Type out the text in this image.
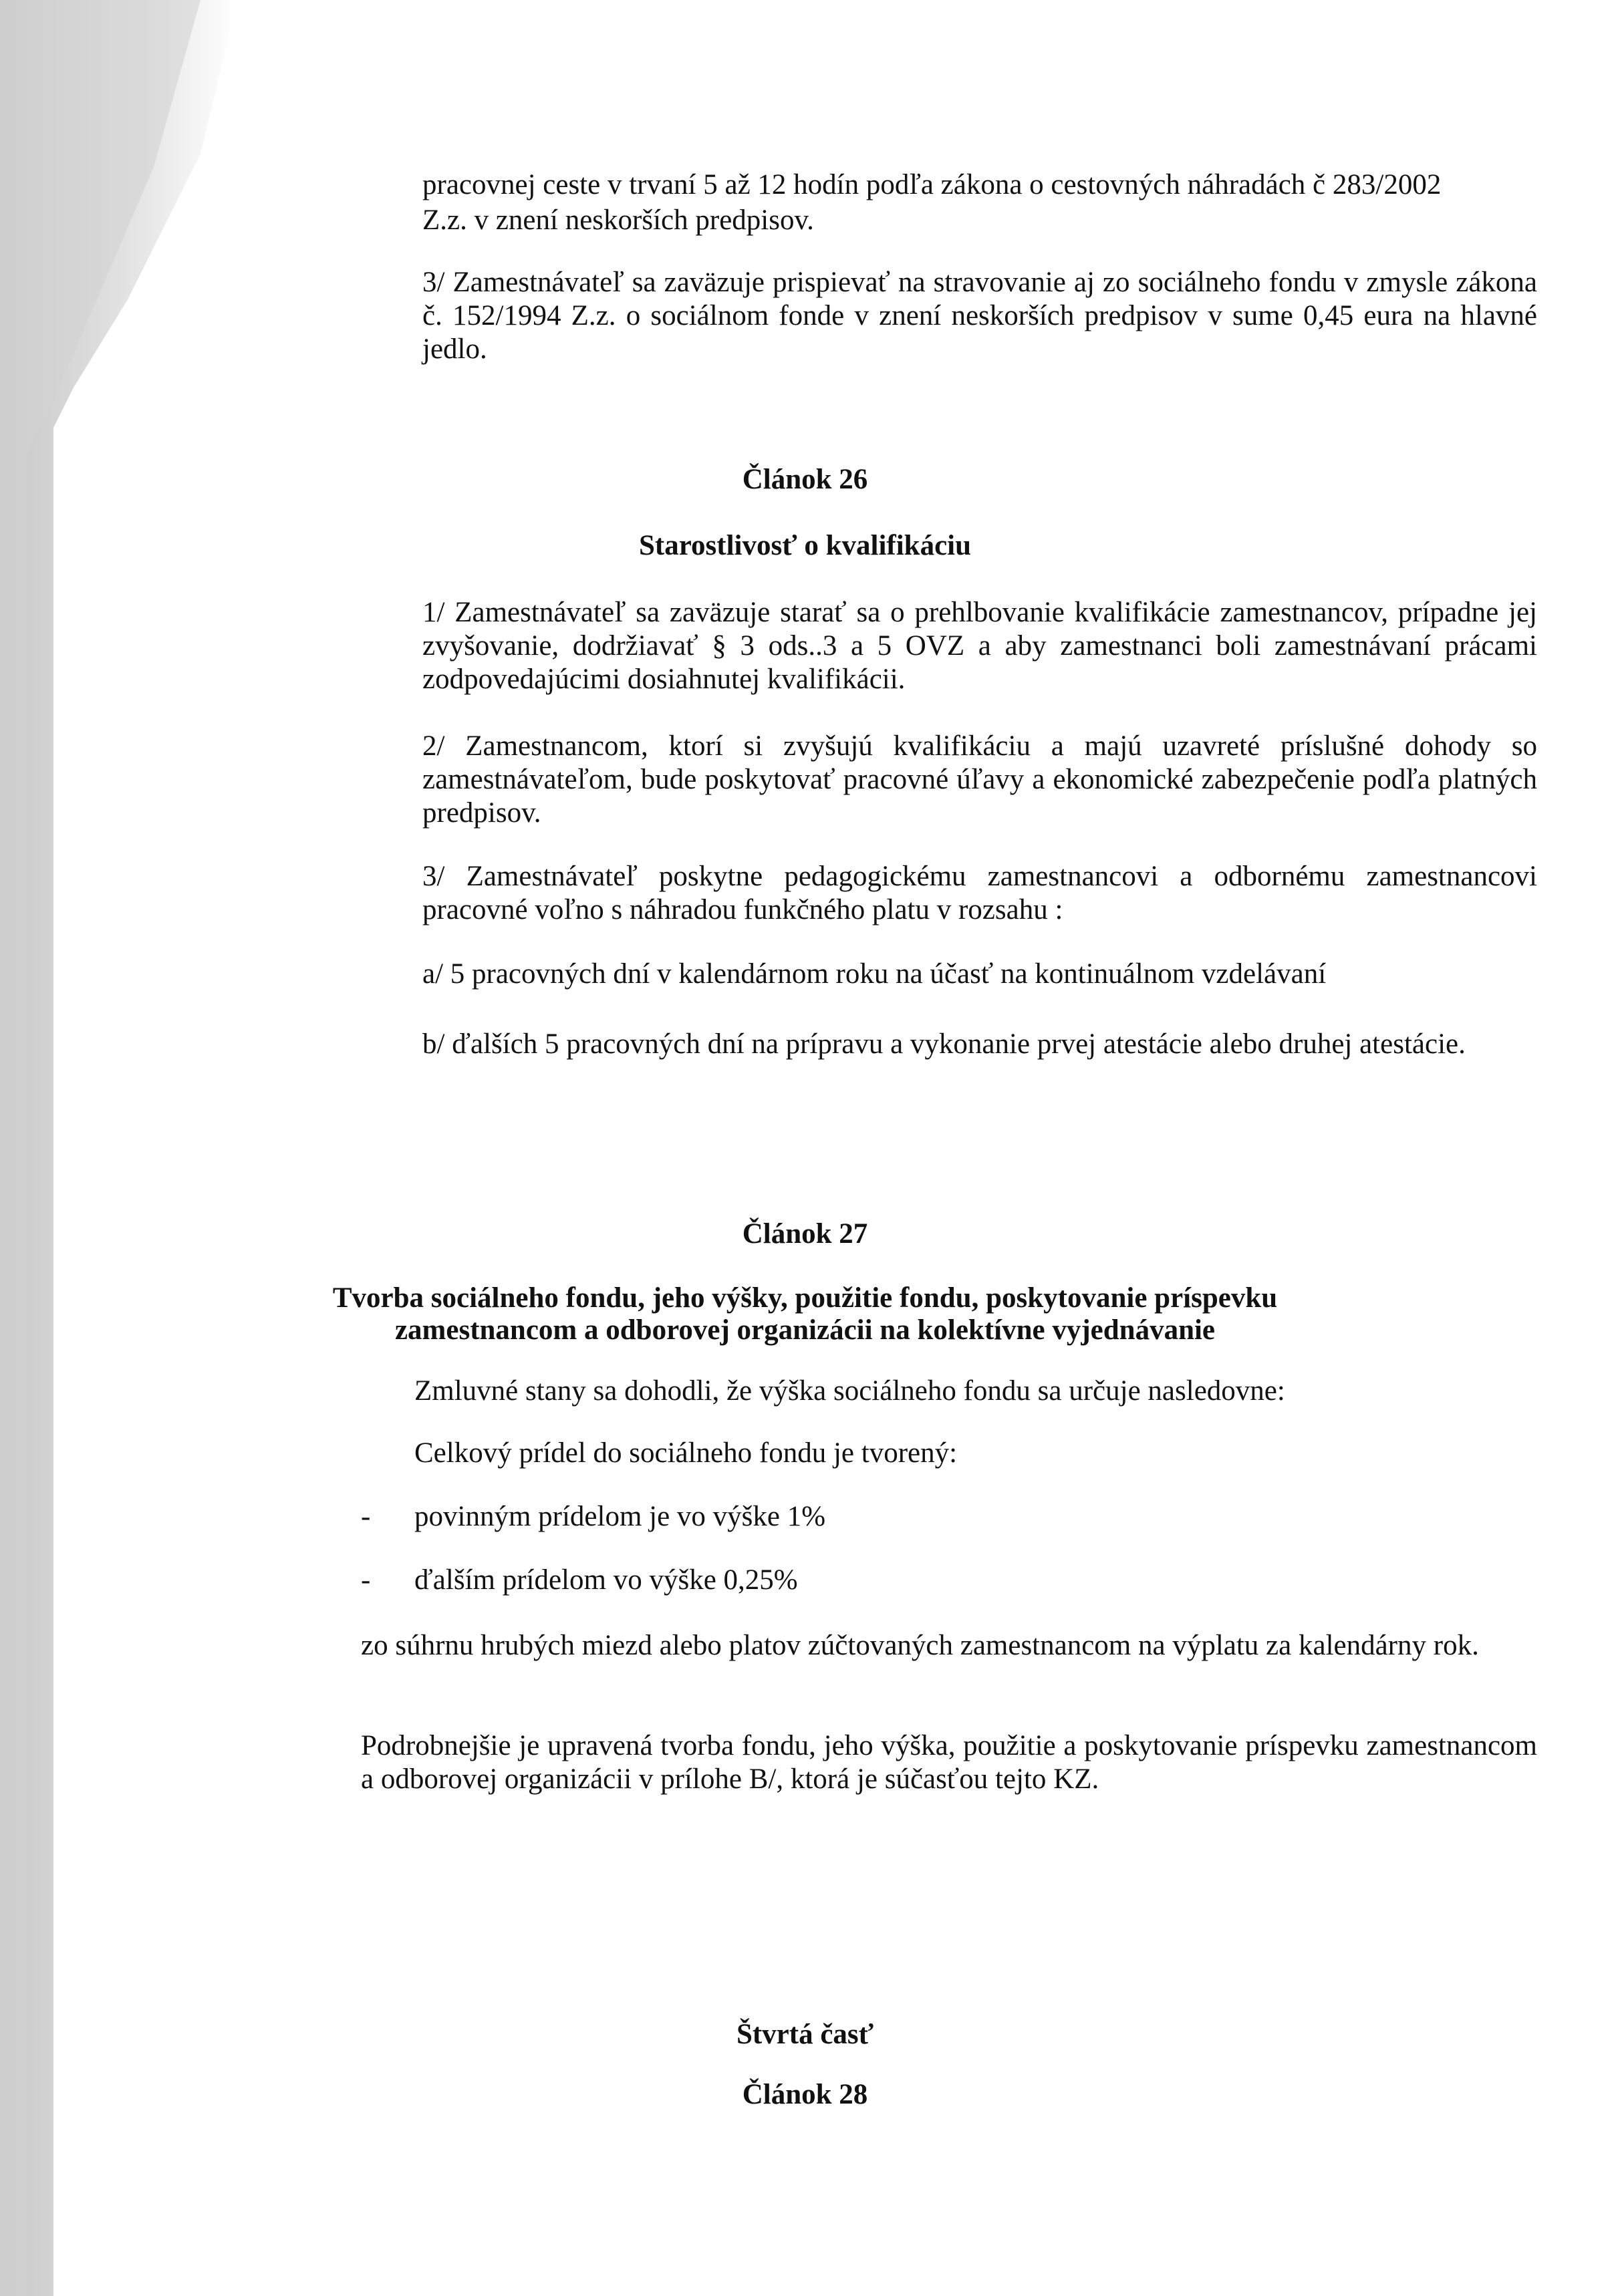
pracovnej ceste v trvaní 5 až 12 hodín podľa zákona o cestovných náhradách č 283/2002

Z.z. v znení neskorších predpisov.

3/ Zamestnávateľ sa zaväzuje prispievať na stravovanie aj zo sociálneho fondu v zmysle zákona č. 152/1994 Z.z. o sociálnom fonde v znení neskorších predpisov v sume 0,45 eura na hlavné jedlo.

Článok 26

Starostlivosť o kvalifikáciu

1/ Zamestnávateľ sa zaväzuje starať sa o prehlbovanie kvalifikácie zamestnancov, prípadne jej zvyšovanie, dodržiavať § 3 ods..3 a 5 OVZ a aby zamestnanci boli zamestnávaní prácami zodpovedajúcimi dosiahnutej kvalifikácii.

2/ Zamestnancom, ktorí si zvyšujú kvalifikáciu a majú uzavreté príslušné dohody so zamestnávateľom, bude poskytovať pracovné úľavy a ekonomické zabezpečenie podľa platných predpisov.

3/ Zamestnávateľ poskytne pedagogickému zamestnancovi a odbornému zamestnancovi pracovné voľno s náhradou funkčného platu v rozsahu :

a/ 5 pracovných dní v kalendárnom roku na účasť na kontinuálnom vzdelávaní

b/ ďalších 5 pracovných dní na prípravu a vykonanie prvej atestácie alebo druhej atestácie.

Článok 27

Tvorba sociálneho fondu, jeho výšky, použitie fondu, poskytovanie príspevku

zamestnancom a odborovej organizácii na kolektívne vyjednávanie

Zmluvné stany sa dohodli, že výška sociálneho fondu sa určuje nasledovne:

Celkový prídel do sociálneho fondu je tvorený:

- povinným prídelom je vo výške 1%

- ďalším prídelom vo výške 0,25%

zo súhrnu hrubých miezd alebo platov zúčtovaných zamestnancom na výplatu za kalendárny rok.

Podrobnejšie je upravená tvorba fondu, jeho výška, použitie a poskytovanie príspevku zamestnancom a odborovej organizácii v prílohe B/, ktorá je súčasťou tejto KZ.

Štvrtá časť

Článok 28
